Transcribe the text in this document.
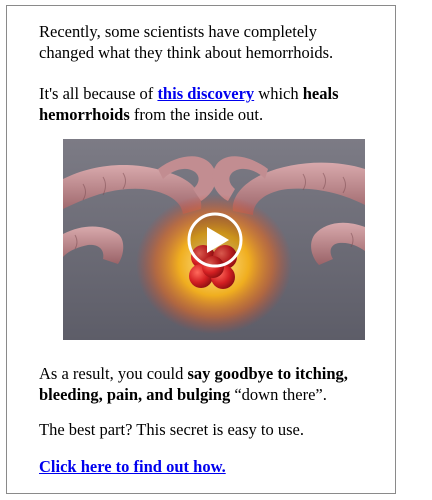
Recently, some scientists have completely changed what they think about hemorrhoids.

It's all because of this discovery which heals hemorrhoids from the inside out.

As a result, you could say goodbye to itching, bleeding, pain, and bulging “down there”.

The best part? This secret is easy to use.

Click here to find out how.
